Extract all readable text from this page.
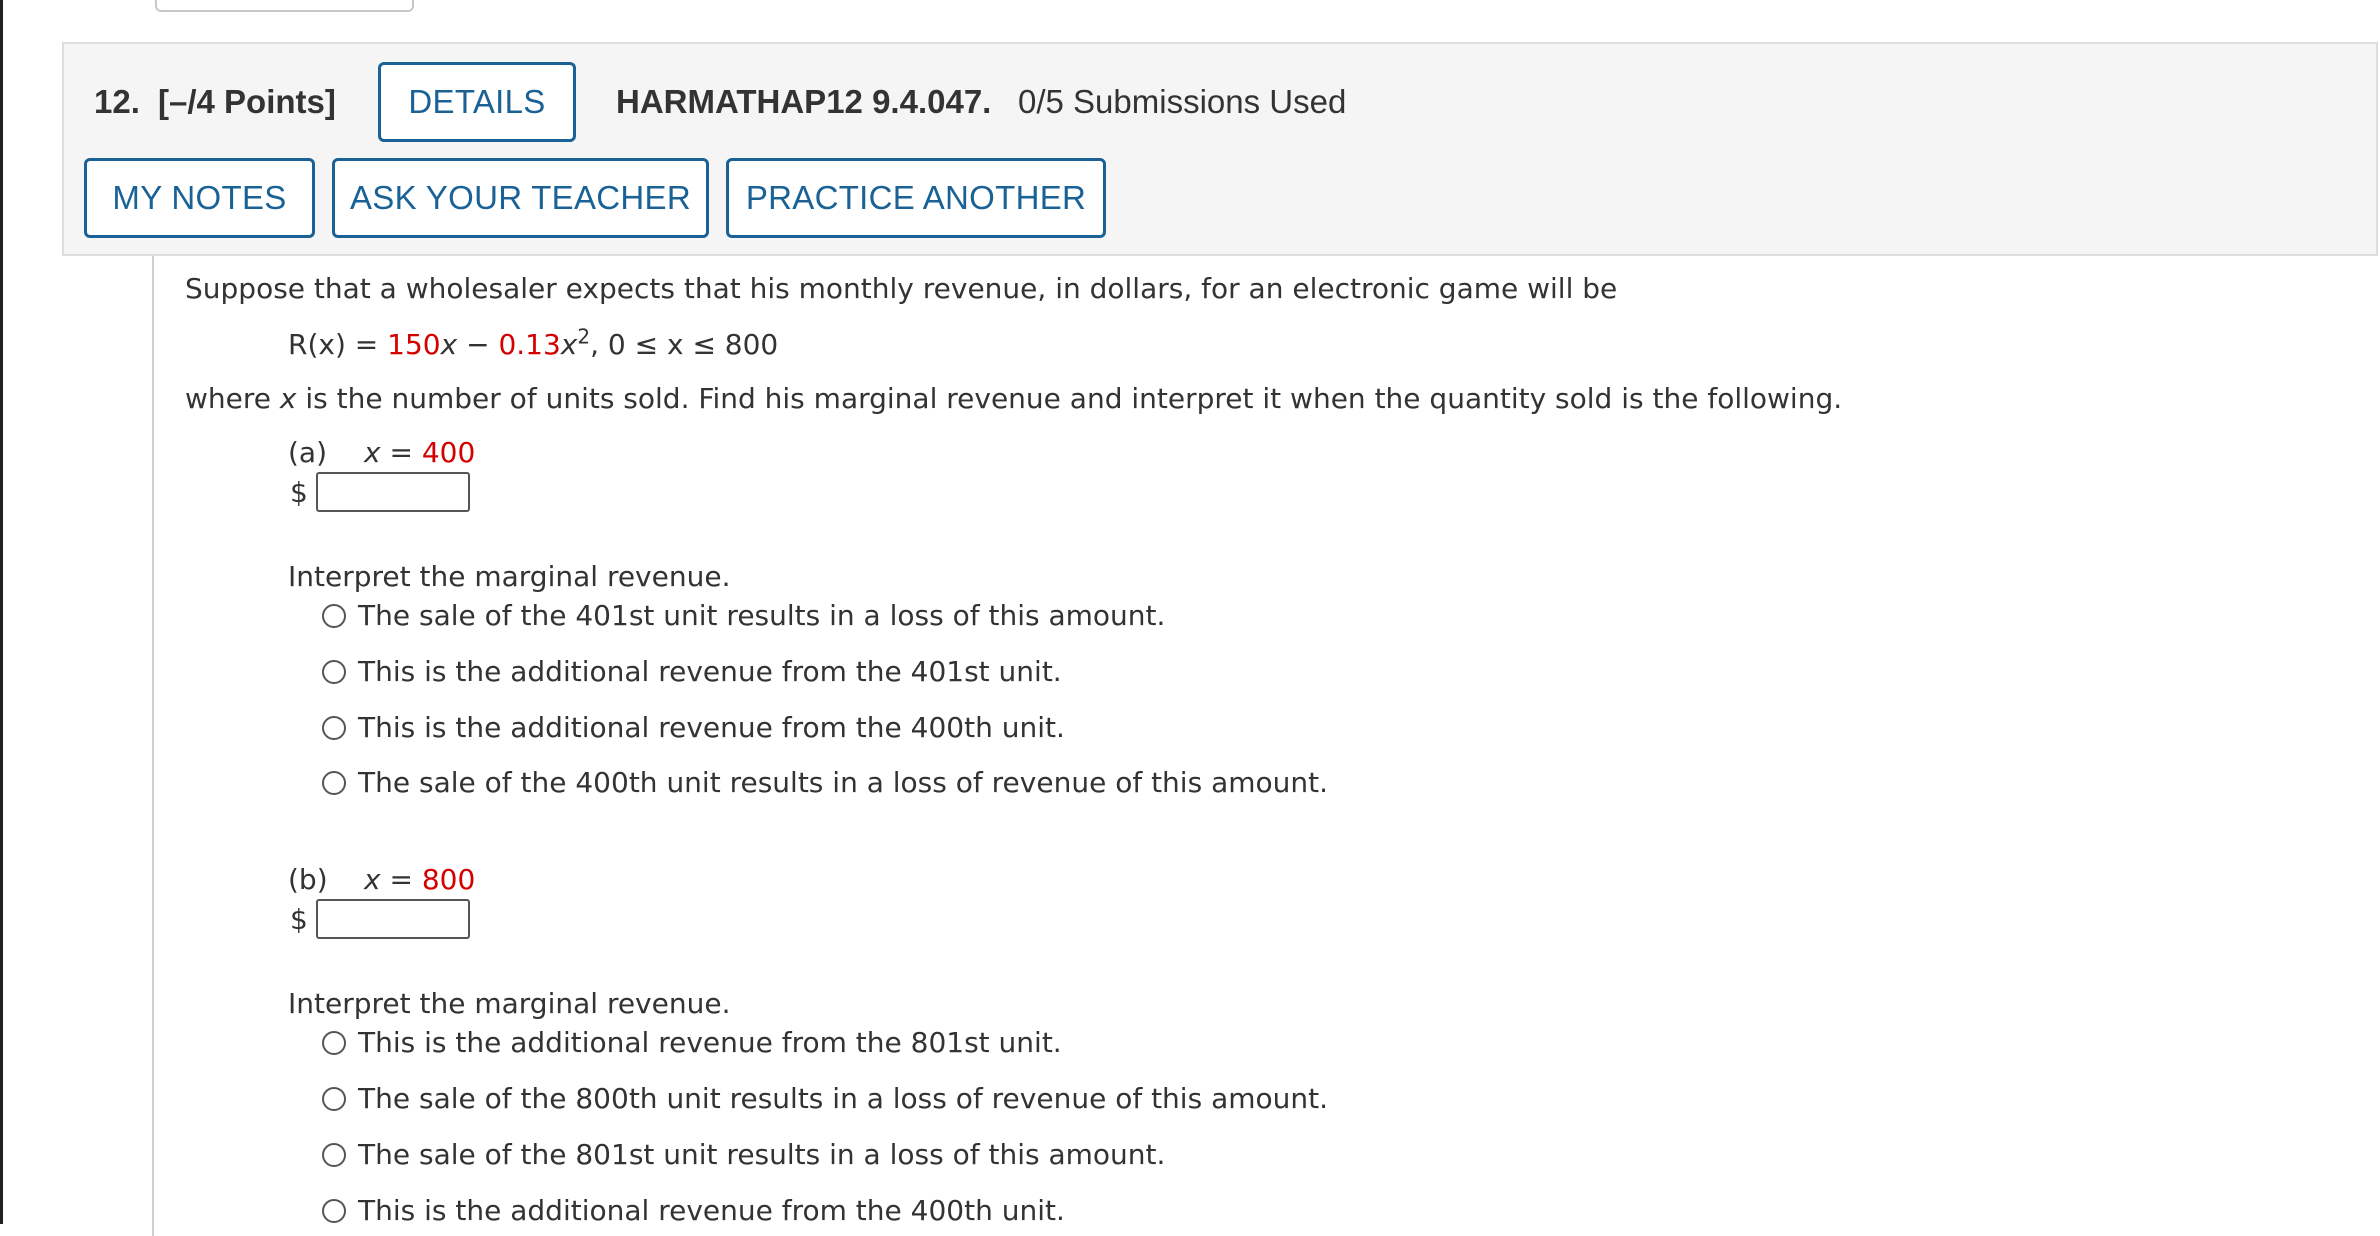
12. [–/4 Points]	DETAILS	HARMATHAP12 9.4.047. 0/5 Submissions Used
MY NOTES	ASK YOUR TEACHER	PRACTICE ANOTHER
Suppose that a wholesaler expects that his monthly revenue, in dollars, for an electronic game will be
$R(x) = 150x - 0.13x^2$, 0 ≤ x ≤ 800
where x is the number of units sold. Find his marginal revenue and interpret it when the quantity sold is the following.
(a) x = 400
$
Interpret the marginal revenue.
The sale of the 401st unit results in a loss of this amount.
This is the additional revenue from the 401st unit.
This is the additional revenue from the 400th unit.
The sale of the 400th unit results in a loss of revenue of this amount.
(b) x = 800
$
Interpret the marginal revenue.
This is the additional revenue from the 801st unit.
The sale of the 800th unit results in a loss of revenue of this amount.
The sale of the 801st unit results in a loss of this amount.
This is the additional revenue from the 400th unit.
